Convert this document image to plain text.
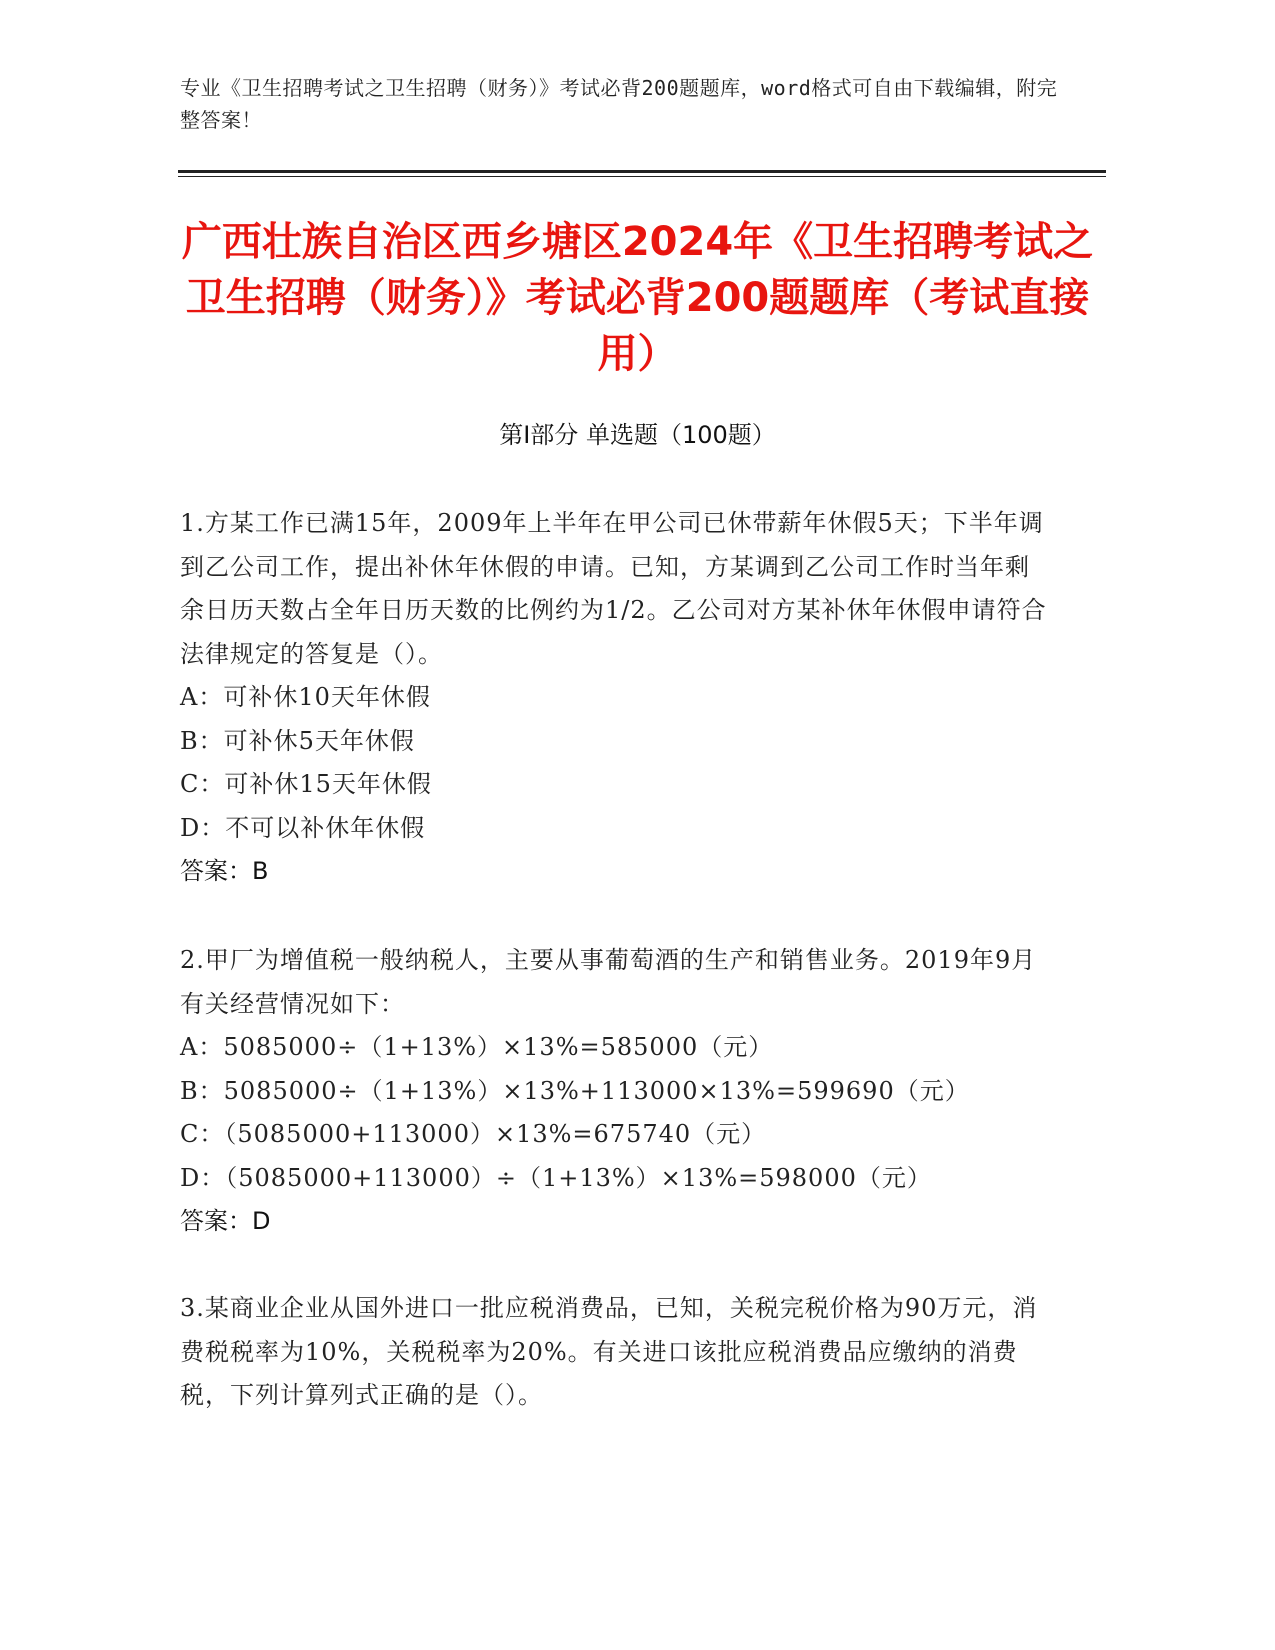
专业《卫生招聘考试之卫生招聘（财务）》考试必背200题题库，word格式可自由下载编辑，附完整答案！
广西壮族自治区西乡塘区2024年《卫生招聘考试之卫生招聘（财务）》考试必背200题题库（考试直接用）
第Ⅰ部分 单选题（100题）
1.方某工作已满15年，2009年上半年在甲公司已休带薪年休假5天；下半年调到乙公司工作，提出补休年休假的申请。已知，方某调到乙公司工作时当年剩余日历天数占全年日历天数的比例约为1/2。乙公司对方某补休年休假申请符合法律规定的答复是（）。
A：可补休10天年休假
B：可补休5天年休假
C：可补休15天年休假
D：不可以补休年休假
答案：B
2.甲厂为增值税一般纳税人，主要从事葡萄酒的生产和销售业务。2019年9月有关经营情况如下：
A：5085000÷（1+13%）×13%=585000（元）
B：5085000÷（1+13%）×13%+113000×13%=599690（元）
C：（5085000+113000）×13%=675740（元）
D：（5085000+113000）÷（1+13%）×13%=598000（元）
答案：D
3.某商业企业从国外进口一批应税消费品，已知，关税完税价格为90万元，消费税税率为10%，关税税率为20%。有关进口该批应税消费品应缴纳的消费税，下列计算列式正确的是（）。
